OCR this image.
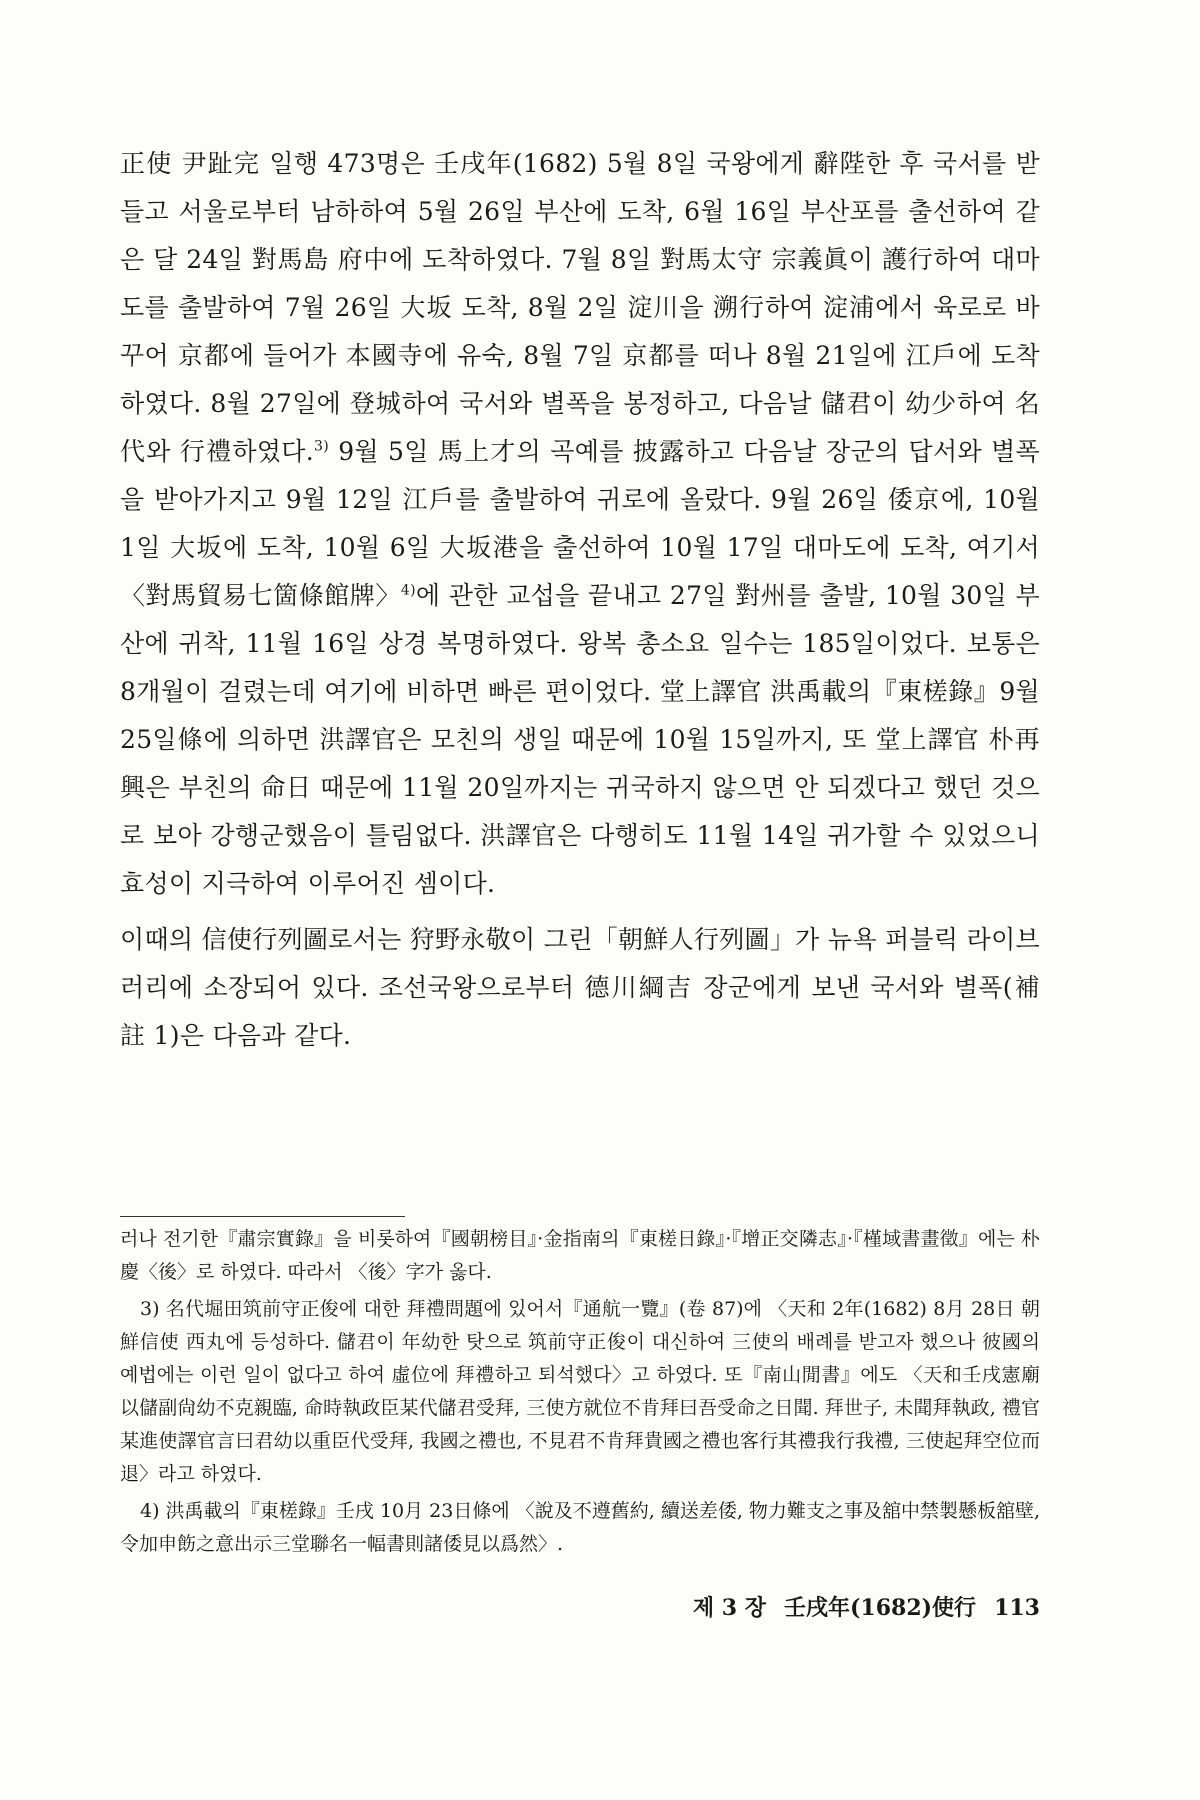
正使 尹趾完 일행 473명은 壬戌年(1682) 5월 8일 국왕에게 辭陛한 후 국서를 받들고 서울로부터 남하하여 5월 26일 부산에 도착, 6월 16일 부산포를 출선하여 같은 달 24일 對馬島 府中에 도착하였다. 7월 8일 對馬太守 宗義眞이 護行하여 대마도를 출발하여 7월 26일 大坂 도착, 8월 2일 淀川을 溯行하여 淀浦에서 육로로 바꾸어 京都에 들어가 本國寺에 유숙, 8월 7일 京都를 떠나 8월 21일에 江戶에 도착하였다. 8월 27일에 登城하여 국서와 별폭을 봉정하고, 다음날 儲君이 幼少하여 名代와 行禮하였다.$^{3)}$ 9월 5일 馬上才의 곡예를 披露하고 다음날 장군의 답서와 별폭을 받아가지고 9월 12일 江戶를 출발하여 귀로에 올랐다. 9월 26일 倭京에, 10월 1일 大坂에 도착, 10월 6일 大坂港을 출선하여 10월 17일 대마도에 도착, 여기서 〈對馬貿易七箇條館牌〉$^{4)}$에 관한 교섭을 끝내고 27일 對州를 출발, 10월 30일 부산에 귀착, 11월 16일 상경 복명하였다. 왕복 총소요 일수는 185일이었다. 보통은 8개월이 걸렸는데 여기에 비하면 빠른 편이었다. 堂上譯官 洪禹載의『東槎錄』9월 25일條에 의하면 洪譯官은 모친의 생일 때문에 10월 15일까지, 또 堂上譯官 朴再興은 부친의 命日 때문에 11월 20일까지는 귀국하지 않으면 안 되겠다고 했던 것으로 보아 강행군했음이 틀림없다. 洪譯官은 다행히도 11월 14일 귀가할 수 있었으니 효성이 지극하여 이루어진 셈이다.

이때의 信使行列圖로서는 狩野永敬이 그린「朝鮮人行列圖」가 뉴욕 퍼블릭 라이브러리에 소장되어 있다. 조선국왕으로부터 德川綱吉 장군에게 보낸 국서와 별폭(補註 1)은 다음과 같다.

러나 전기한『肅宗實錄』을 비롯하여『國朝榜目』·金指南의『東槎日錄』·『增正交隣志』·『槿域書畫徵』에는 朴慶〈後〉로 하였다. 따라서 〈後〉字가 옳다.

3) 名代堀田筑前守正俊에 대한 拜禮問題에 있어서『通航一覽』(卷 87)에 〈天和 2年(1682) 8月 28日 朝鮮信使 西丸에 등성하다. 儲君이 年幼한 탓으로 筑前守正俊이 대신하여 三使의 배례를 받고자 했으나 彼國의 예법에는 이런 일이 없다고 하여 虛位에 拜禮하고 퇴석했다〉고 하였다. 또『南山閒書』에도 〈天和壬戌憲廟以儲副尙幼不克親臨, 命時執政臣某代儲君受拜, 三使方就位不肯拜曰吾受命之日聞. 拜世子, 未聞拜執政, 禮官某進使譯官言曰君幼以重臣代受拜, 我國之禮也, 不見君不肯拜貴國之禮也客行其禮我行我禮, 三使起拜空位而退〉라고 하였다.

4) 洪禹載의『東槎錄』壬戌 10月 23日條에 〈說及不遵舊約, 續送差倭, 物力難支之事及舘中禁製懸板舘壁, 令加申飭之意出示三堂聯名一幅書則諸倭見以爲然〉.

제 3 장 壬戌年(1682)使行 113
